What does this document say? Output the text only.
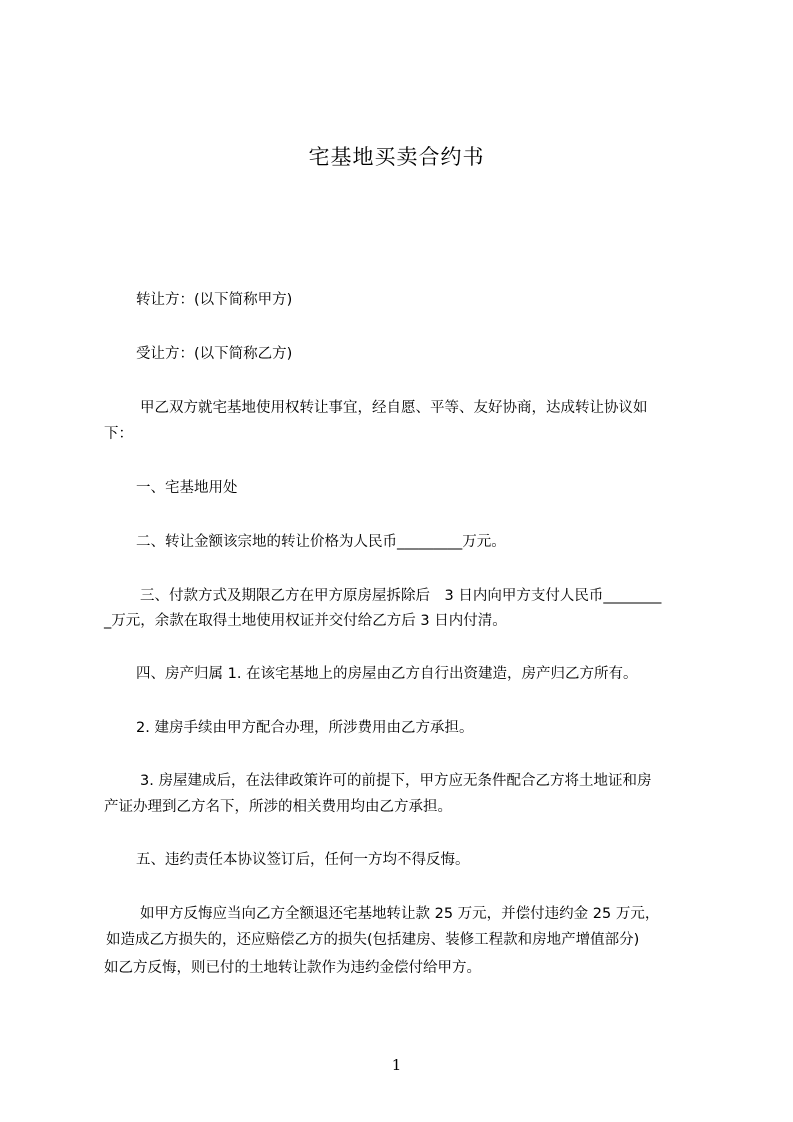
宅基地买卖合约书
转让方：(以下简称甲方)
受让方：(以下简称乙方)
甲乙双方就宅基地使用权转让事宜，经自愿、平等、友好协商，达成转让协议如
下：
一、宅基地用处
二、转让金额该宗地的转让价格为人民币_________万元。
三、付款方式及期限乙方在甲方原房屋拆除后　3 日内向甲方支付人民币________
_万元，余款在取得土地使用权证并交付给乙方后 3 日内付清。
四、房产归属 1. 在该宅基地上的房屋由乙方自行出资建造，房产归乙方所有。
2. 建房手续由甲方配合办理，所涉费用由乙方承担。
3. 房屋建成后，在法律政策许可的前提下，甲方应无条件配合乙方将土地证和房
产证办理到乙方名下，所涉的相关费用均由乙方承担。
五、违约责任本协议签订后，任何一方均不得反悔。
如甲方反悔应当向乙方全额退还宅基地转让款 25 万元，并偿付违约金 25 万元，
如造成乙方损失的，还应赔偿乙方的损失(包括建房、装修工程款和房地产增值部分)
如乙方反悔，则已付的土地转让款作为违约金偿付给甲方。
1
